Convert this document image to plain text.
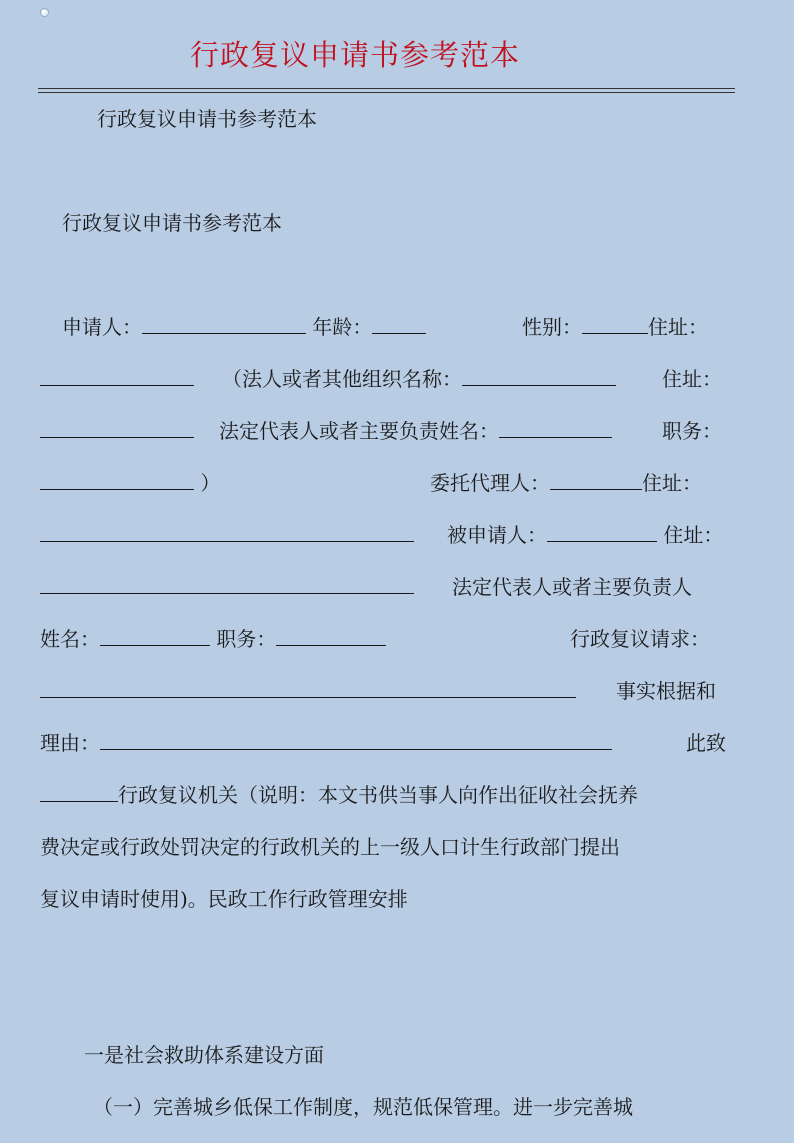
行政复议申请书参考范本
行政复议申请书参考范本
行政复议申请书参考范本
申请人：	年龄：	性别：	住址：
（法人或者其他组织名称：	住址：
法定代表人或者主要负责姓名：	职务：
）	委托代理人：	住址：
被申请人：	住址：
法定代表人或者主要负责人
姓名：	职务：	行政复议请求：
事实根据和
理由：	此致
行政复议机关（说明：本文书供当事人向作出征收社会抚养
费决定或行政处罚决定的行政机关的上一级人口计生行政部门提出
复议申请时使用)。民政工作行政管理安排
一是社会救助体系建设方面
（一）完善城乡低保工作制度，规范低保管理。进一步完善城
